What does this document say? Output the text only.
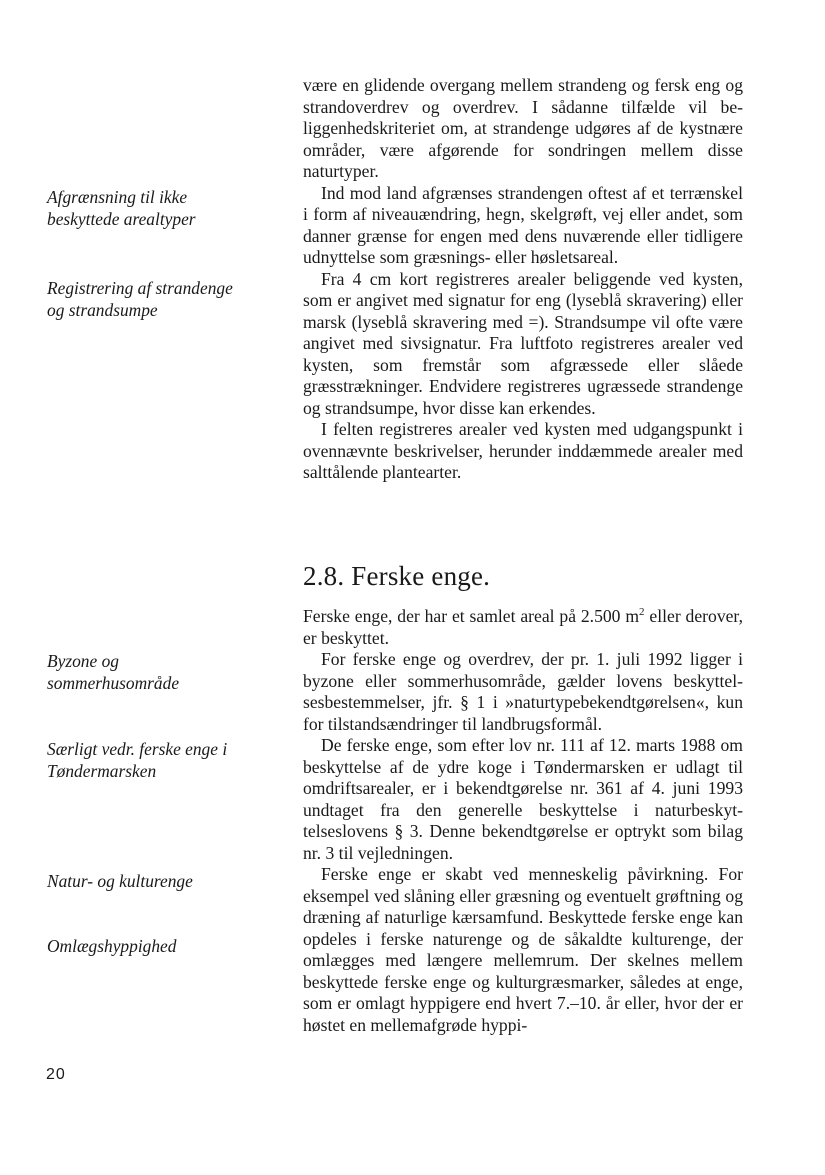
Afgrænsning til ikke
beskyttede arealtyper

Registrering af strandenge
og strandsumpe

Byzone og
sommerhusområde

Særligt vedr. ferske enge i
Tøndermarsken

Natur- og kulturenge

Omlægshyppighed

være en glidende overgang mellem strandeng og fersk eng og strandoverdrev og overdrev. I sådanne tilfælde vil beliggenhedskriteriet om, at strandenge udgøres af de kystnære områder, være afgørende for sondringen mellem disse naturtyper.

Ind mod land afgrænses strandengen oftest af et terrænskel i form af niveauændring, hegn, skelgrøft, vej eller andet, som danner grænse for engen med dens nuværende eller tidligere udnyttelse som græsnings- eller høsletsareal.

Fra 4 cm kort registreres arealer beliggende ved kysten, som er angivet med signatur for eng (lyseblå skravering) eller marsk (lyseblå skravering med =). Strandsumpe vil ofte være angivet med sivsignatur. Fra luftfoto registreres arealer ved kysten, som fremstår som afgræssede eller slåede græsstrækninger. Endvidere registreres ugræssede strandenge og strandsumpe, hvor disse kan erkendes.

I felten registreres arealer ved kysten med udgangspunkt i ovennævnte beskrivelser, herunder inddæmmede arealer med salttålende plantearter.

2.8. Ferske enge.

Ferske enge, der har et samlet areal på 2.500 $m^2$ eller derover, er beskyttet.

For ferske enge og overdrev, der pr. 1. juli 1992 ligger i byzone eller sommerhusområde, gælder lovens beskyttelsesbestemmelser, jfr. § 1 i »naturtypebekendtgørelsen«, kun for tilstandsændringer til landbrugsformål.

De ferske enge, som efter lov nr. 111 af 12. marts 1988 om beskyttelse af de ydre koge i Tøndermarsken er udlagt til omdriftsarealer, er i bekendtgørelse nr. 361 af 4. juni 1993 undtaget fra den generelle beskyttelse i naturbeskyttelseslovens § 3. Denne bekendtgørelse er optrykt som bilag nr. 3 til vejledningen.

Ferske enge er skabt ved menneskelig påvirkning. For eksempel ved slåning eller græsning og eventuelt grøftning og dræning af naturlige kærsamfund. Beskyttede ferske enge kan opdeles i ferske naturenge og de såkaldte kulturenge, der omlægges med længere mellemrum. Der skelnes mellem beskyttede ferske enge og kulturgræsmarker, således at enge, som er omlagt hyppigere end hvert 7.–10. år eller, hvor der er høstet en mellemafgrøde hyppi-

20
